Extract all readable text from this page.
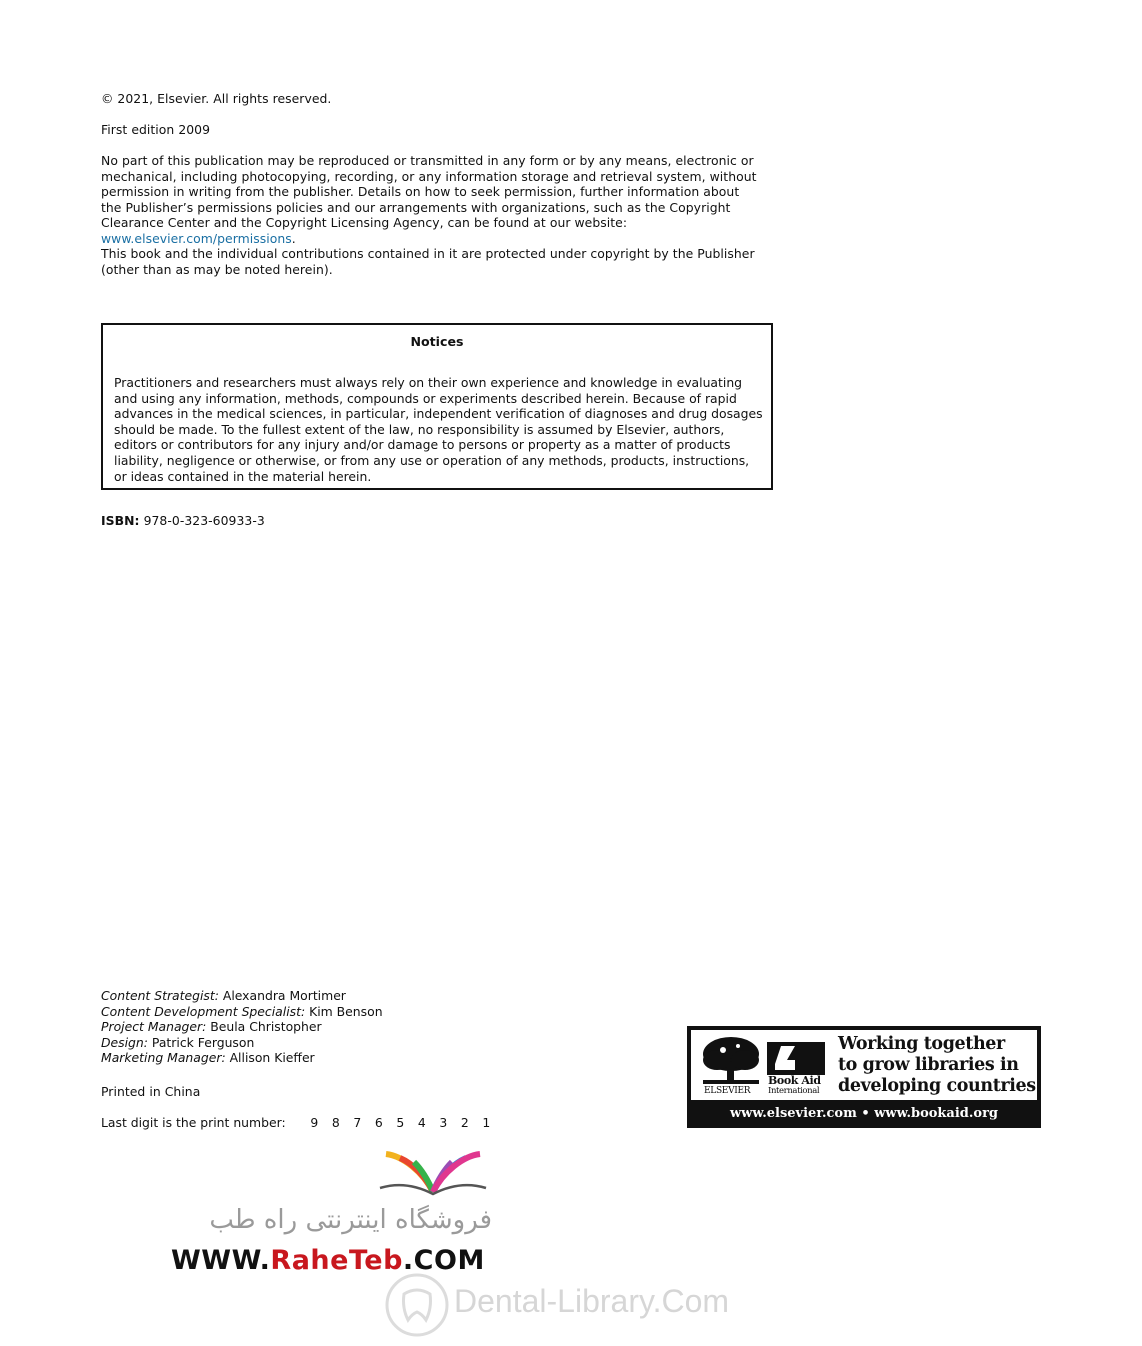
© 2021, Elsevier. All rights reserved.

First edition 2009

No part of this publication may be reproduced or transmitted in any form or by any means, electronic or mechanical, including photocopying, recording, or any information storage and retrieval system, without permission in writing from the publisher. Details on how to seek permission, further information about the Publisher’s permissions policies and our arrangements with organizations, such as the Copyright Clearance Center and the Copyright Licensing Agency, can be found at our website: www.elsevier.com/permissions.

This book and the individual contributions contained in it are protected under copyright by the Publisher (other than as may be noted herein).

Notices

Practitioners and researchers must always rely on their own experience and knowledge in evaluating and using any information, methods, compounds or experiments described herein. Because of rapid advances in the medical sciences, in particular, independent verification of diagnoses and drug dosages should be made. To the fullest extent of the law, no responsibility is assumed by Elsevier, authors, editors or contributors for any injury and/or damage to persons or property as a matter of products liability, negligence or otherwise, or from any use or operation of any methods, products, instructions, or ideas contained in the material herein.

ISBN: 978-0-323-60933-3

Content Strategist: Alexandra Mortimer
Content Development Specialist: Kim Benson
Project Manager: Beula Christopher
Design: Patrick Ferguson
Marketing Manager: Allison Kieffer

Printed in China

Last digit is the print number: 9 8 7 6 5 4 3 2 1
ELSEVIER
Book Aid
International

Working together
to grow libraries in
developing countries

www.elsevier.com • www.bookaid.org
فروشگاه اینترنتی راه طب
WWW.RaheTeb.COM
Dental-Library.Com
